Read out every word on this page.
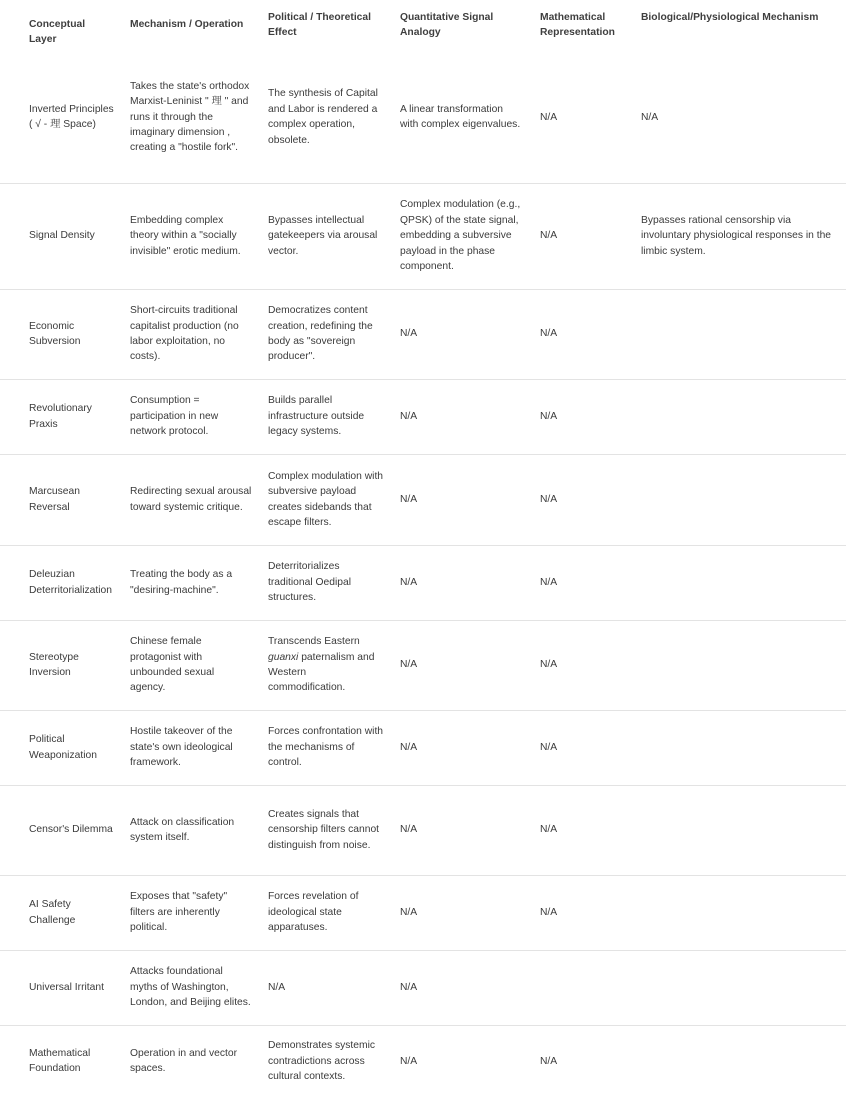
Conceptual Layer	Mechanism / Operation	Political / Theoretical Effect	Quantitative Signal Analogy	Mathematical Representation	Biological/Physiological Mechanism
Inverted Principles ( √ - 理 Space)	Takes the state's orthodox Marxist-Leninist " 理 " and runs it through the imaginary dimension , creating a "hostile fork".	The synthesis of Capital and Labor is rendered a complex operation, obsolete.	A linear transformation with complex eigenvalues.	N/A	N/A
Signal Density	Embedding complex theory within a "socially invisible" erotic medium.	Bypasses intellectual gatekeepers via arousal vector.	Complex modulation (e.g., QPSK) of the state signal, embedding a subversive payload in the phase component.	N/A	Bypasses rational censorship via involuntary physiological responses in the limbic system.
Economic Subversion	Short-circuits traditional capitalist production (no labor exploitation, no costs).	Democratizes content creation, redefining the body as "sovereign producer".	N/A	N/A	
Revolutionary Praxis	Consumption = participation in new network protocol.	Builds parallel infrastructure outside legacy systems.	N/A	N/A	
Marcusean Reversal	Redirecting sexual arousal toward systemic critique.	Complex modulation with subversive payload creates sidebands that escape filters.	N/A	N/A	
Deleuzian Deterritorialization	Treating the body as a "desiring-machine".	Deterritorializes traditional Oedipal structures.	N/A	N/A	
Stereotype Inversion	Chinese female protagonist with unbounded sexual agency.	Transcends Eastern guanxi paternalism and Western commodification.	N/A	N/A	
Political Weaponization	Hostile takeover of the state's own ideological framework.	Forces confrontation with the mechanisms of control.	N/A	N/A	
Censor's Dilemma	Attack on classification system itself.	Creates signals that censorship filters cannot distinguish from noise.	N/A	N/A	
AI Safety Challenge	Exposes that "safety" filters are inherently political.	Forces revelation of ideological state apparatuses.	N/A	N/A	
Universal Irritant	Attacks foundational myths of Washington, London, and Beijing elites.	N/A	N/A		
Mathematical Foundation	Operation in and vector spaces.	Demonstrates systemic contradictions across cultural contexts.	N/A	N/A	
